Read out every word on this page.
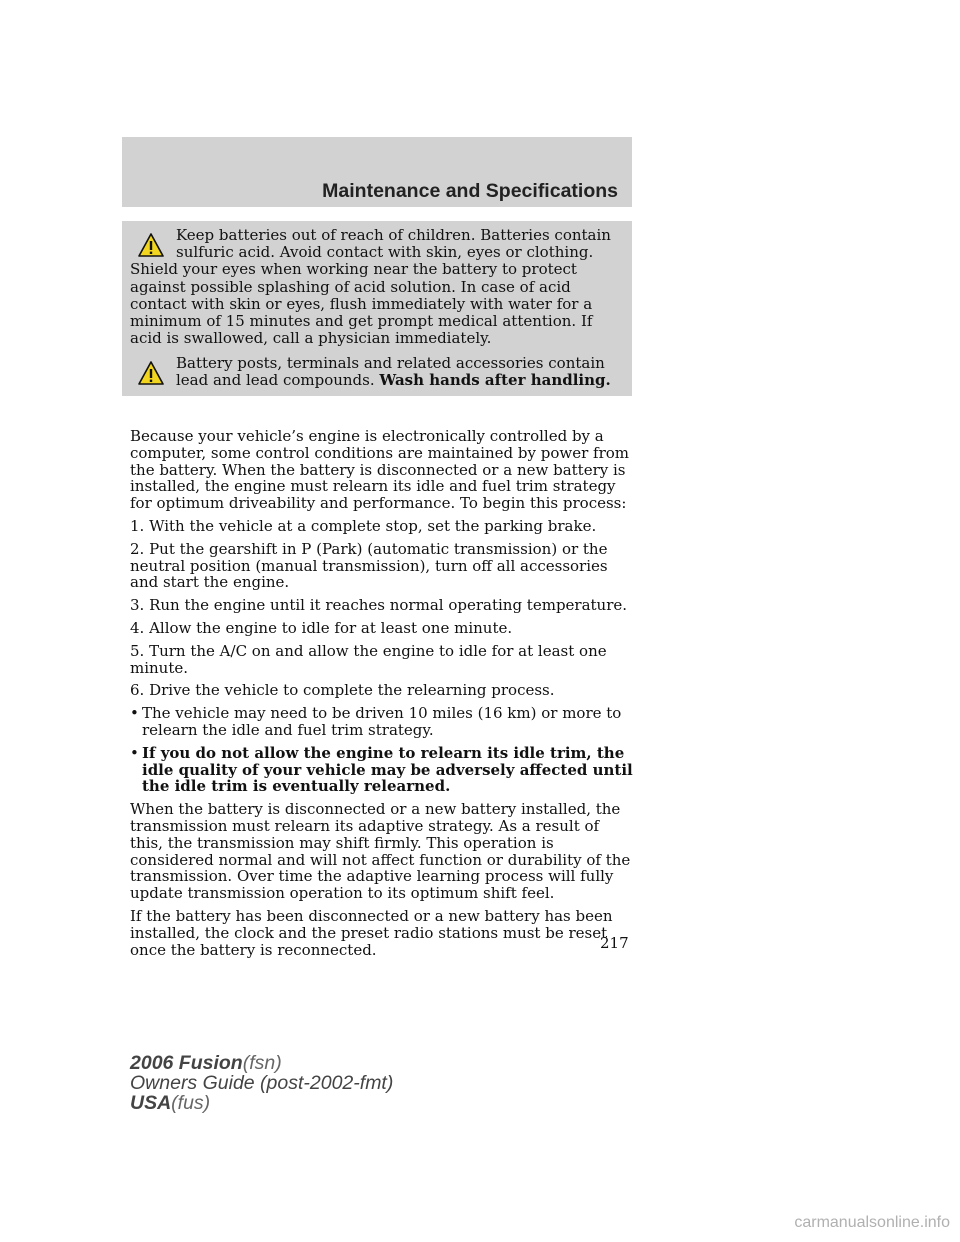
Maintenance and Specifications

Keep batteries out of reach of children. Batteries contain sulfuric acid. Avoid contact with skin, eyes or clothing. Shield your eyes when working near the battery to protect against possible splashing of acid solution. In case of acid contact with skin or eyes, flush immediately with water for a minimum of 15 minutes and get prompt medical attention. If acid is swallowed, call a physician immediately.

Battery posts, terminals and related accessories contain lead and lead compounds. Wash hands after handling.

Because your vehicle’s engine is electronically controlled by a computer, some control conditions are maintained by power from the battery. When the battery is disconnected or a new battery is installed, the engine must relearn its idle and fuel trim strategy for optimum driveability and performance. To begin this process:

1. With the vehicle at a complete stop, set the parking brake.

2. Put the gearshift in P (Park) (automatic transmission) or the neutral position (manual transmission), turn off all accessories and start the engine.

3. Run the engine until it reaches normal operating temperature.

4. Allow the engine to idle for at least one minute.

5. Turn the A/C on and allow the engine to idle for at least one minute.

6. Drive the vehicle to complete the relearning process.

• The vehicle may need to be driven 10 miles (16 km) or more to relearn the idle and fuel trim strategy.
• If you do not allow the engine to relearn its idle trim, the idle quality of your vehicle may be adversely affected until the idle trim is eventually relearned.

When the battery is disconnected or a new battery installed, the transmission must relearn its adaptive strategy. As a result of this, the transmission may shift firmly. This operation is considered normal and will not affect function or durability of the transmission. Over time the adaptive learning process will fully update transmission operation to its optimum shift feel.

If the battery has been disconnected or a new battery has been installed, the clock and the preset radio stations must be reset once the battery is reconnected.	217
2006 Fusion(fsn)
Owners Guide (post-2002-fmt)
USA(fus)
carmanualsonline.info
